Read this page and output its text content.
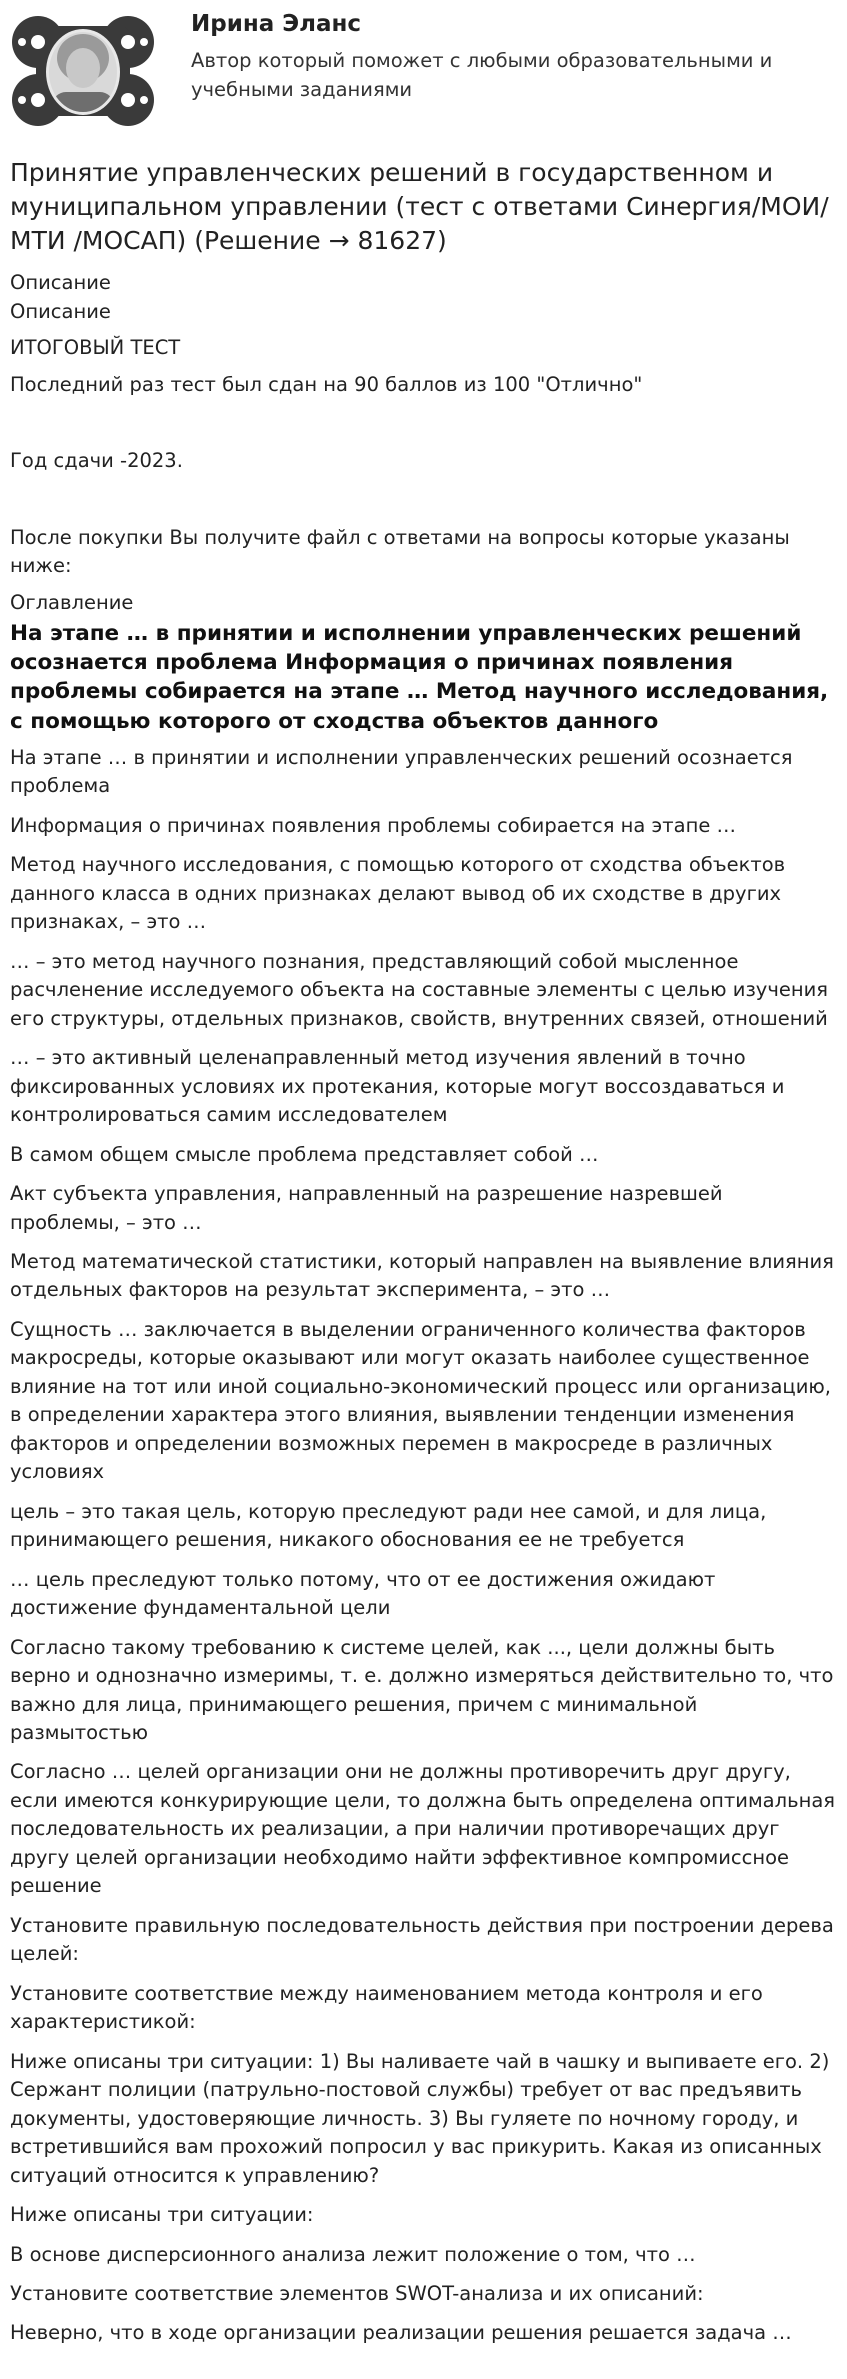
Ирина Эланс
Автор который поможет с любыми образовательными и учебными заданиями
Принятие управленческих решений в государственном и муниципальном управлении (тест с ответами Синергия/МОИ/ МТИ /МОСАП) (Решение → 81627)
Описание
Описание

ИТОГОВЫЙ ТЕСТ

Последний раз тест был сдан на 90 баллов из 100 "Отлично"

Год сдачи -2023.

После покупки Вы получите файл с ответами на вопросы которые указаны ниже:

Оглавление
На этапе … в принятии и исполнении управленческих решений осознается проблема Информация о причинах появления проблемы собирается на этапе … Метод научного исследования, с помощью которого от сходства объектов данного
На этапе … в принятии и исполнении управленческих решений осознается проблема
Информация о причинах появления проблемы собирается на этапе …
Метод научного исследования, с помощью которого от сходства объектов данного класса в одних признаках делают вывод об их сходстве в других признаках, – это …
… – это метод научного познания, представляющий собой мысленное расчленение исследуемого объекта на составные элементы с целью изучения его структуры, отдельных признаков, свойств, внутренних связей, отношений
… – это активный целенаправленный метод изучения явлений в точно фиксированных условиях их протекания, которые могут воссоздаваться и контролироваться самим исследователем
В самом общем смысле проблема представляет собой …
Акт субъекта управления, направленный на разрешение назревшей проблемы, – это …
Метод математической статистики, который направлен на выявление влияния отдельных факторов на результат эксперимента, – это …
Сущность … заключается в выделении ограниченного количества факторов макросреды, которые оказывают или могут оказать наиболее существенное влияние на тот или иной социально-экономический процесс или организацию, в определении характера этого влияния, выявлении тенденции изменения факторов и определении возможных перемен в макросреде в различных условиях
цель – это такая цель, которую преследуют ради нее самой, и для лица, принимающего решения, никакого обоснования ее не требуется
… цель преследуют только потому, что от ее достижения ожидают достижение фундаментальной цели
Согласно такому требованию к системе целей, как ..., цели должны быть верно и однозначно измеримы, т. е. должно измеряться действительно то, что важно для лица, принимающего решения, причем с минимальной размытостью
Согласно … целей организации они не должны противоречить друг другу, если имеются конкурирующие цели, то должна быть определена оптимальная последовательность их реализации, а при наличии противоречащих друг другу целей организации необходимо найти эффективное компромиссное решение
Установите правильную последовательность действия при построении дерева целей:
Установите соответствие между наименованием метода контроля и его характеристикой:
Ниже описаны три ситуации: 1) Вы наливаете чай в чашку и выпиваете его. 2) Сержант полиции (патрульно-постовой службы) требует от вас предъявить документы, удостоверяющие личность. 3) Вы гуляете по ночному городу, и встретившийся вам прохожий попросил у вас прикурить. Какая из описанных ситуаций относится к управлению?
Ниже описаны три ситуации:
В основе дисперсионного анализа лежит положение о том, что …
Установите соответствие элементов SWOT-анализа и их описаний:
Неверно, что в ходе организации реализации решения решается задача …
